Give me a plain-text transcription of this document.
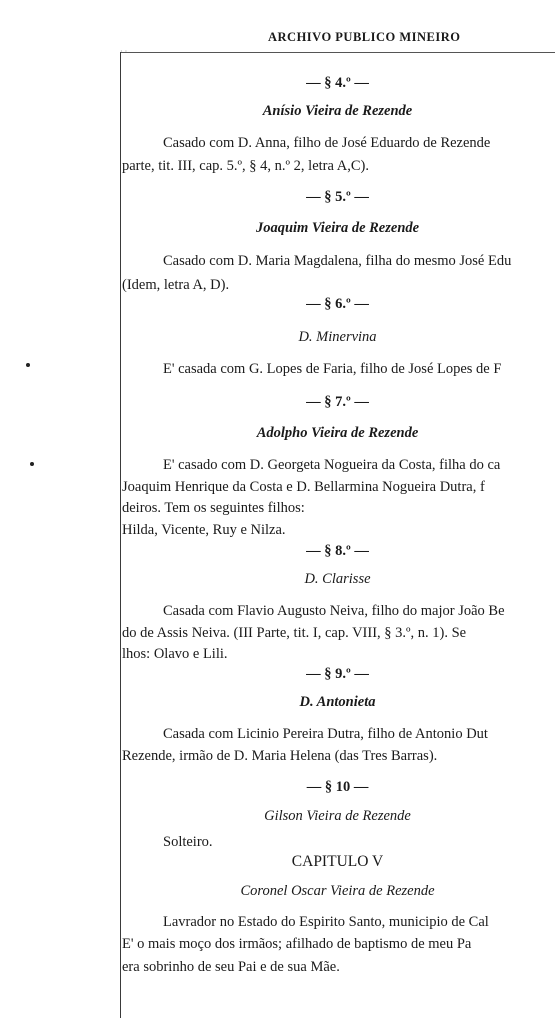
ARCHIVO PUBLICO MINEIRO
— § 4.º —
Anísio Vieira de Rezende
Casado com D. Anna, filho de José Eduardo de Rezende
parte, tit. III, cap. 5.º, § 4, n.º 2, letra A,C).
— § 5.º —
Joaquim Vieira de Rezende
Casado com D. Maria Magdalena, filha do mesmo José Edu
(Idem, letra A, D).
— § 6.º —
D. Minervina
E' casada com G. Lopes de Faria, filho de José Lopes de F
— § 7.º —
Adolpho Vieira de Rezende
E' casado com D. Georgeta Nogueira da Costa, filha do ca
Joaquim Henrique da Costa e D. Bellarmina Nogueira Dutra, f
deiros. Tem os seguintes filhos:
Hilda, Vicente, Ruy e Nilza.
— § 8.º —
D. Clarisse
Casada com Flavio Augusto Neiva, filho do major João Be
do de Assis Neiva. (III Parte, tit. I, cap. VIII, § 3.º, n. 1). Se
lhos: Olavo e Lili.
— § 9.º —
D. Antonieta
Casada com Licinio Pereira Dutra, filho de Antonio Dut
Rezende, irmão de D. Maria Helena (das Tres Barras).
— § 10 —
Gilson Vieira de Rezende
Solteiro.
CAPITULO V
Coronel Oscar Vieira de Rezende
Lavrador no Estado do Espirito Santo, municipio de Cal
E' o mais moço dos irmãos; afilhado de baptismo de meu Pa
era sobrinho de seu Pai e de sua Mãe.
